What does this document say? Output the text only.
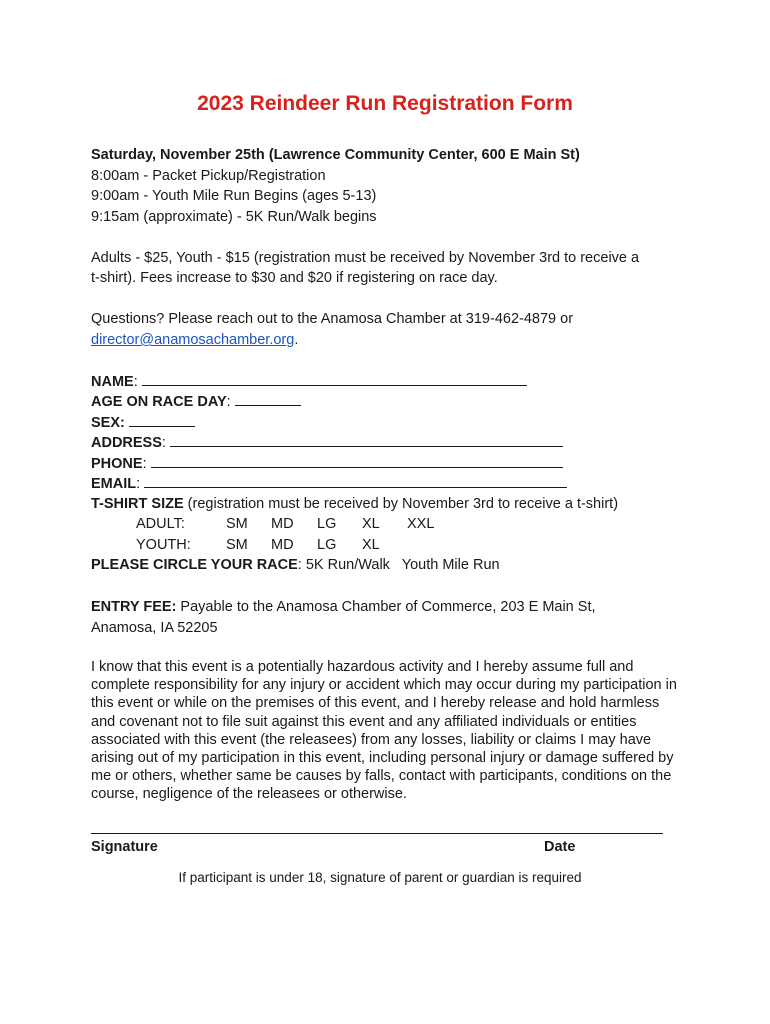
2023 Reindeer Run Registration Form
Saturday, November 25th (Lawrence Community Center, 600 E Main St)
8:00am - Packet Pickup/Registration
9:00am - Youth Mile Run Begins (ages 5-13)
9:15am (approximate) - 5K Run/Walk begins
Adults - $25, Youth - $15 (registration must be received by November 3rd to receive a
t-shirt). Fees increase to $30 and $20 if registering on race day.
Questions? Please reach out to the Anamosa Chamber at 319-462-4879 or
director@anamosachamber.org.
NAME:
AGE ON RACE DAY:
SEX:
ADDRESS:
PHONE:
EMAIL:
T-SHIRT SIZE (registration must be received by November 3rd to receive a t-shirt)
ADULT:	SM MD LG XL XXL
YOUTH: SM MD LG XL
PLEASE CIRCLE YOUR RACE: 5K Run/Walk Youth Mile Run
ENTRY FEE: Payable to the Anamosa Chamber of Commerce, 203 E Main St,
Anamosa, IA 52205
I know that this event is a potentially hazardous activity and I hereby assume full and complete responsibility for any injury or accident which may occur during my participation in this event or while on the premises of this event, and I hereby release and hold harmless and covenant not to file suit against this event and any affiliated individuals or entities associated with this event (the releasees) from any losses, liability or claims I may have arising out of my participation in this event, including personal injury or damage suffered by me or others, whether same be causes by falls, contact with participants, conditions on the course, negligence of the releasees or otherwise.
Signature	Date
If participant is under 18, signature of parent or guardian is required
